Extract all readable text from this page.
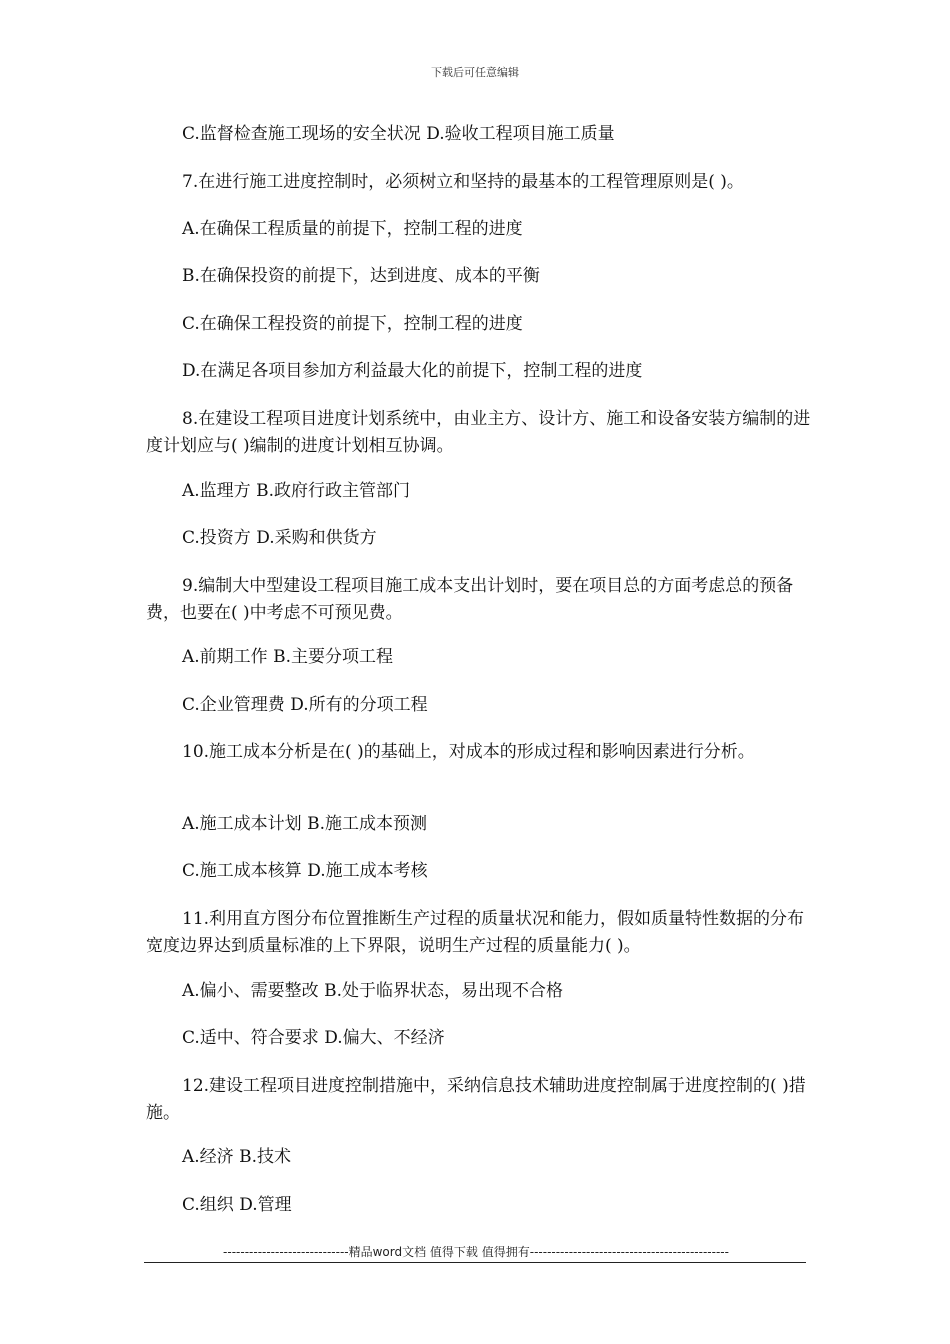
下载后可任意编辑
C.监督检查施工现场的安全状况 D.验收工程项目施工质量
7.在进行施工进度控制时，必须树立和坚持的最基本的工程管理原则是( )。
A.在确保工程质量的前提下，控制工程的进度
B.在确保投资的前提下，达到进度、成本的平衡
C.在确保工程投资的前提下，控制工程的进度
D.在满足各项目参加方利益最大化的前提下，控制工程的进度
8.在建设工程项目进度计划系统中，由业主方、设计方、施工和设备安装方编制的进度计划应与( )编制的进度计划相互协调。
A.监理方 B.政府行政主管部门
C.投资方 D.采购和供货方
9.编制大中型建设工程项目施工成本支出计划时，要在项目总的方面考虑总的预备费，也要在( )中考虑不可预见费。
A.前期工作 B.主要分项工程
C.企业管理费 D.所有的分项工程
10.施工成本分析是在( )的基础上，对成本的形成过程和影响因素进行分析。
A.施工成本计划 B.施工成本预测
C.施工成本核算 D.施工成本考核
11.利用直方图分布位置推断生产过程的质量状况和能力，假如质量特性数据的分布宽度边界达到质量标准的上下界限，说明生产过程的质量能力( )。
A.偏小、需要整改 B.处于临界状态，易出现不合格
C.适中、符合要求 D.偏大、不经济
12.建设工程项目进度控制措施中，采纳信息技术辅助进度控制属于进度控制的( )措施。
A.经济 B.技术
C.组织 D.管理
-----------------------------精品word文档 值得下载 值得拥有----------------------------------------------
